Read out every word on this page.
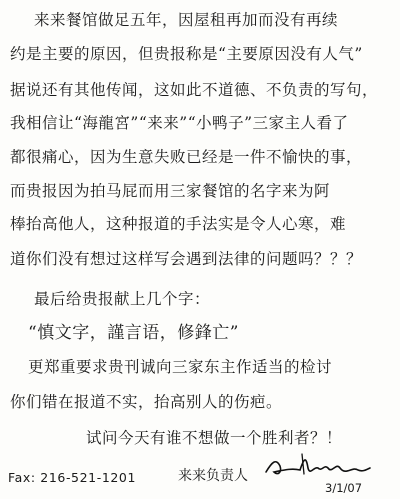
来来餐馆做足五年，因屋租再加而没有再续
约是主要的原因，但贵报称是“主要原因没有人气”
据说还有其他传闻，这如此不道德、不负责的写句，
我相信让“海龍宮”“来来”“小鸭子”三家主人看了
都很痛心，因为生意失败已经是一件不愉快的事，
而贵报因为拍马屁而用三家餐馆的名字来为阿
棒抬高他人，这种报道的手法实是令人心寒，难
道你们没有想过这样写会遇到法律的问题吗？？？
最后给贵报献上几个字：
“慎文字，謹言语，修鋒亡”
更郑重要求贵刊诚向三家东主作适当的检讨
你们错在报道不实，抬高别人的伤疤。
试问今天有谁不想做一个胜利者？！
Fax: 216-521-1201	来来负责人
3/1/07
